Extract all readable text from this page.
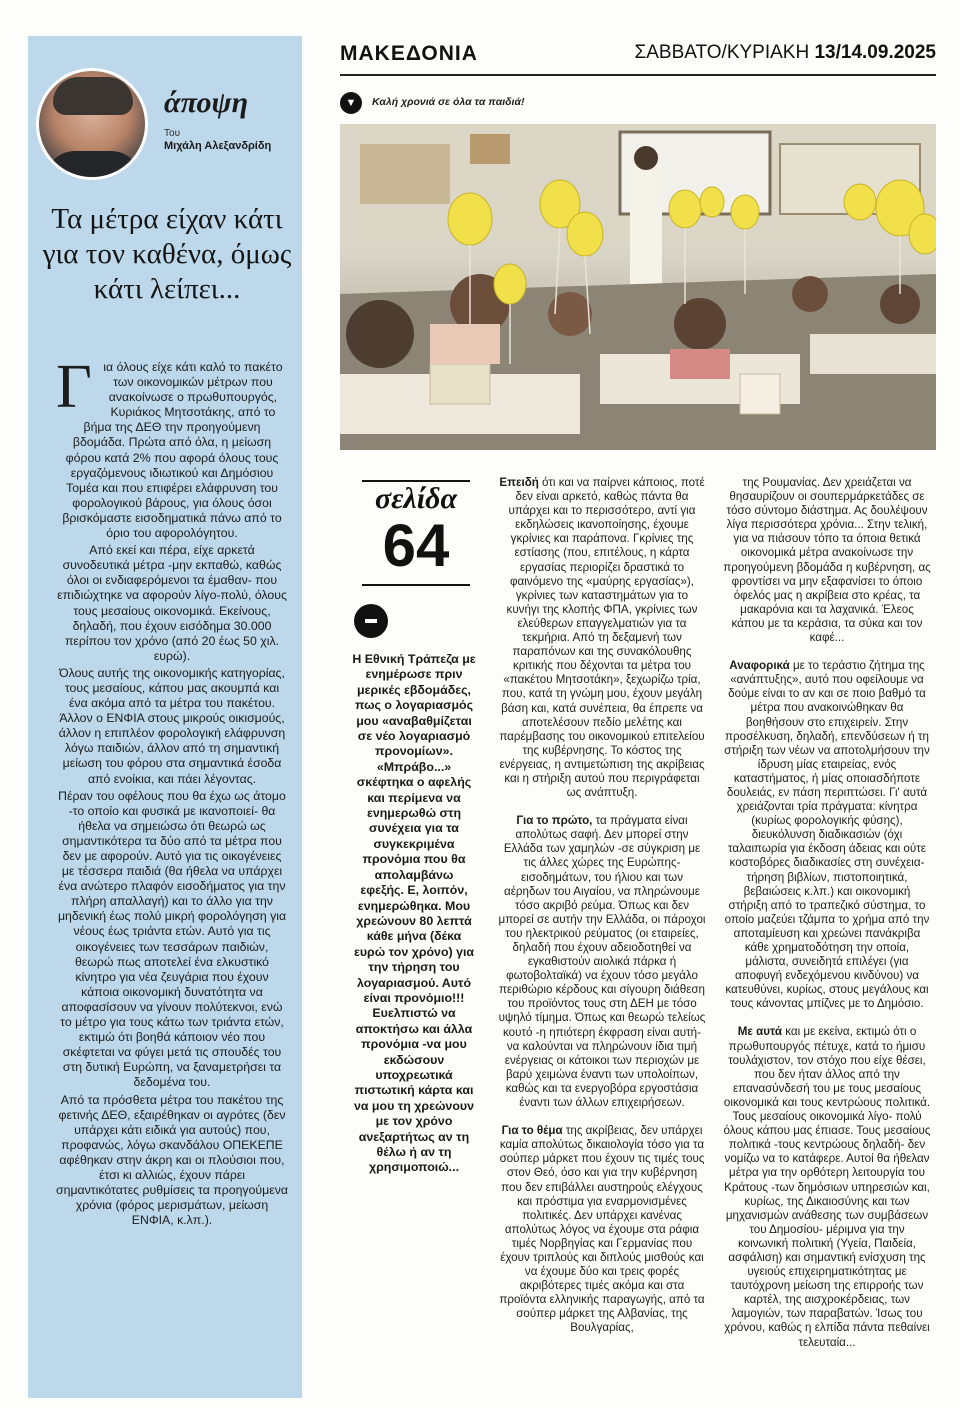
άποψη
Του
Μιχάλη Αλεξανδρίδη
Τα μέτρα είχαν κάτι για τον καθένα, όμως κάτι λείπει...

Για όλους είχε κάτι καλό το πακέτο των οικονομικών μέτρων που ανακοίνωσε ο πρωθυπουργός, Κυριάκος Μητσοτάκης, από το βήμα της ΔΕΘ την προηγούμενη βδομάδα. Πρώτα από όλα, η μείωση φόρου κατά 2% που αφορά όλους τους εργαζόμενους ιδιωτικού και Δημόσιου Τομέα και που επιφέρει ελάφρυνση του φορολογικού βάρους, για όλους όσοι βρισκόμαστε εισοδηματικά πάνω από το όριο του αφορολόγητου.

Από εκεί και πέρα, είχε αρκετά συνοδευτικά μέτρα -μην εκπαθώ, καθώς όλοι οι ενδιαφερόμενοι τα έμαθαν- που επιδιώχτηκε να αφορούν λίγο-πολύ, όλους τους μεσαίους οικονομικά. Εκείνους, δηλαδή, που έχουν εισόδημα 30.000 περίπου τον χρόνο (από 20 έως 50 χιλ. ευρώ).

Όλους αυτής της οικονομικής κατηγορίας, τους μεσαίους, κάπου μας ακουμπά και ένα ακόμα από τα μέτρα του πακέτου. Άλλον ο ΕΝΦΙΑ στους μικρούς οικισμούς, άλλον η επιπλέον φορολογική ελάφρυνση λόγω παιδιών, άλλον από τη σημαντική μείωση του φόρου στα σημαντικά έσοδα από ενοίκια, και πάει λέγοντας.

Πέραν του οφέλους που θα έχω ως άτομο -το οποίο και φυσικά με ικανοποιεί- θα ήθελα να σημειώσω ότι θεωρώ ως σημαντικότερα τα δύο από τα μέτρα που δεν με αφορούν. Αυτό για τις οικογένειες με τέσσερα παιδιά (θα ήθελα να υπάρχει ένα ανώτερο πλαφόν εισοδήματος για την πλήρη απαλλαγή) και το άλλο για την μηδενική έως πολύ μικρή φορολόγηση για νέους έως τριάντα ετών. Αυτό για τις οικογένειες των τεσσάρων παιδιών, θεωρώ πως αποτελεί ένα ελκυστικό κίνητρο για νέα ζευγάρια που έχουν κάποια οικονομική δυνατότητα να αποφασίσουν να γίνουν πολύτεκνοι, ενώ το μέτρο για τους κάτω των τριάντα ετών, εκτιμώ ότι βοηθά κάποιον νέο που σκέφτεται να φύγει μετά τις σπουδές του στη δυτική Ευρώπη, να ξαναμετρήσει τα δεδομένα του.

Από τα πρόσθετα μέτρα του πακέτου της φετινής ΔΕΘ, εξαιρέθηκαν οι αγρότες (δεν υπάρχει κάτι ειδικά για αυτούς) που, προφανώς, λόγω σκανδάλου ΟΠΕΚΕΠΕ αφέθηκαν στην άκρη και οι πλούσιοι που, έτσι κι αλλιώς, έχουν πάρει σημαντικότατες ρυθμίσεις τα προηγούμενα χρόνια (φόρος μερισμάτων, μείωση ΕΝΦΙΑ, κ.λπ.).

ΜΑΚΕΔΟΝΙΑ	ΣΑΒΒΑΤΟ/ΚΥΡΙΑΚΗ 13/14.09.2025
▼	Καλή χρονιά σε όλα τα παιδιά!
σελίδα
64
Η Εθνική Τράπεζα με ενημέρωσε πριν μερικές εβδομάδες, πως ο λογαριασμός μου «αναβαθμίζεται σε νέο λογαριασμό προνομίων». «Μπράβο...» σκέφτηκα ο αφελής και περίμενα να ενημερωθώ στη συνέχεια για τα συγκεκριμένα προνόμια που θα απολαμβάνω εφεξής. Ε, λοιπόν, ενημερώθηκα. Μου χρεώνουν 80 λεπτά κάθε μήνα (δέκα ευρώ τον χρόνο) για την τήρηση του λογαριασμού. Αυτό είναι προνόμιο!!! Ευελπιστώ να αποκτήσω και άλλα προνόμια -να μου εκδώσουν υποχρεωτικά πιστωτική κάρτα και να μου τη χρεώνουν με τον χρόνο ανεξαρτήτως αν τη θέλω ή αν τη χρησιμοποιώ...

Επειδή ότι και να παίρνει κάποιος, ποτέ δεν είναι αρκετό, καθώς πάντα θα υπάρχει και το περισσότερο, αντί για εκδηλώσεις ικανοποίησης, έχουμε γκρίνιες και παράπονα. Γκρίνιες της εστίασης (που, επιτέλους, η κάρτα εργασίας περιορίζει δραστικά το φαινόμενο της «μαύρης εργασίας»), γκρίνιες των καταστημάτων για το κυνήγι της κλοπής ΦΠΑ, γκρίνιες των ελεύθερων επαγγελματιών για τα τεκμήρια. Από τη δεξαμενή των παραπόνων και της συνακόλουθης κριτικής που δέχονται τα μέτρα του «πακέτου Μητσοτάκη», ξεχωρίζω τρία, που, κατά τη γνώμη μου, έχουν μεγάλη βάση και, κατά συνέπεια, θα έπρεπε να αποτελέσουν πεδίο μελέτης και παρέμβασης του οικονομικού επιτελείου της κυβέρνησης. Το κόστος της ενέργειας, η αντιμετώπιση της ακρίβειας και η στήριξη αυτού που περιγράφεται ως ανάπτυξη.

Για το πρώτο, τα πράγματα είναι απολύτως σαφή. Δεν μπορεί στην Ελλάδα των χαμηλών -σε σύγκριση με τις άλλες χώρες της Ευρώπης- εισοδημάτων, του ήλιου και των αέρηδων του Αιγαίου, να πληρώνουμε τόσο ακριβό ρεύμα. Όπως και δεν μπορεί σε αυτήν την Ελλάδα, οι πάροχοι του ηλεκτρικού ρεύματος (οι εταιρείες, δηλαδή που έχουν αδειοδοτηθεί να εγκαθιστούν αιολικά πάρκα ή φωτοβολταϊκά) να έχουν τόσο μεγάλο περιθώριο κέρδους και σίγουρη διάθεση του προϊόντος τους στη ΔΕΗ με τόσο υψηλό τίμημα. Όπως και θεωρώ τελείως κουτό -η ηπιότερη έκφραση είναι αυτή- να καλούνται να πληρώνουν ίδια τιμή ενέργειας οι κάτοικοι των περιοχών με βαρύ χειμώνα έναντι των υπολοίπων, καθώς και τα ενεργοβόρα εργοστάσια έναντι των άλλων επιχειρήσεων.

Για το θέμα της ακρίβειας, δεν υπάρχει καμία απολύτως δικαιολογία τόσο για τα σούπερ μάρκετ που έχουν τις τιμές τους στον Θεό, όσο και για την κυβέρνηση που δεν επιβάλλει αυστηρούς ελέγχους και πρόστιμα για εναρμονισμένες πολιτικές. Δεν υπάρχει κανένας απολύτως λόγος να έχουμε στα ράφια τιμές Νορβηγίας και Γερμανίας που έχουν τριπλούς και διπλούς μισθούς και να έχουμε δύο και τρεις φορές ακριβότερες τιμές ακόμα και στα προϊόντα ελληνικής παραγωγής, από τα σούπερ μάρκετ της Αλβανίας, της Βουλγαρίας,

της Ρουμανίας. Δεν χρειάζεται να θησαυρίζουν οι σουπερμάρκετάδες σε τόσο σύντομο διάστημα. Ας δουλέψουν λίγα περισσότερα χρόνια... Στην τελική, για να πιάσουν τόπο τα όποια θετικά οικονομικά μέτρα ανακοίνωσε την προηγούμενη βδομάδα η κυβέρνηση, ας φροντίσει να μην εξαφανίσει το όποιο όφελός μας η ακρίβεια στο κρέας, τα μακαρόνια και τα λαχανικά. Έλεος κάπου με τα κεράσια, τα σύκα και τον καφέ...

Αναφορικά με το τεράστιο ζήτημα της «ανάπτυξης», αυτό που οφείλουμε να δούμε είναι το αν και σε ποιο βαθμό τα μέτρα που ανακοινώθηκαν θα βοηθήσουν στο επιχειρείν. Στην προσέλκυση, δηλαδή, επενδύσεων ή τη στήριξη των νέων να αποτολμήσουν την ίδρυση μίας εταιρείας, ενός καταστήματος, ή μίας οποιασδήποτε δουλειάς, εν πάση περιπτώσει. Γι' αυτά χρειάζονται τρία πράγματα: κίνητρα (κυρίως φορολογικής φύσης), διευκόλυνση διαδικασιών (όχι ταλαιπωρία για έκδοση άδειας και ούτε κοστοβόρες διαδικασίες στη συνέχεια-τήρηση βιβλίων, πιστοποιητικά, βεβαιώσεις κ.λπ.) και οικονομική στήριξη από το τραπεζικό σύστημα, το οποίο μαζεύει τζάμπα το χρήμα από την αποταμίευση και χρεώνει πανάκριβα κάθε χρηματοδότηση την οποία, μάλιστα, συνειδητά επιλέγει (για αποφυγή ενδεχόμενου κινδύνου) να κατευθύνει, κυρίως, στους μεγάλους και τους κάνοντας μπίζνες με το Δημόσιο.

Με αυτά και με εκείνα, εκτιμώ ότι ο πρωθυπουργός πέτυχε, κατά το ήμισυ τουλάχιστον, τον στόχο που είχε θέσει, που δεν ήταν άλλος από την επανασύνδεσή του με τους μεσαίους οικονομικά και τους κεντρώους πολιτικά. Τους μεσαίους οικονομικά λίγο- πολύ όλους κάπου μας έπιασε. Τους μεσαίους πολιτικά -τους κεντρώους δηλαδή- δεν νομίζω να το κατάφερε. Αυτοί θα ήθελαν μέτρα για την ορθότερη λειτουργία του Κράτους -των δημόσιων υπηρεσιών και, κυρίως, της Δικαιοσύνης και των μηχανισμών ανάθεσης των συμβάσεων του Δημοσίου- μέριμνα για την κοινωνική πολιτική (Υγεία, Παιδεία, ασφάλιση) και σημαντική ενίσχυση της υγειούς επιχειρηματικότητας με ταυτόχρονη μείωση της επιρροής των καρτέλ, της αισχροκέρδειας, των λαμογιών, των παραβατών. Ίσως του χρόνου, καθώς η ελπίδα πάντα πεθαίνει τελευταία...
